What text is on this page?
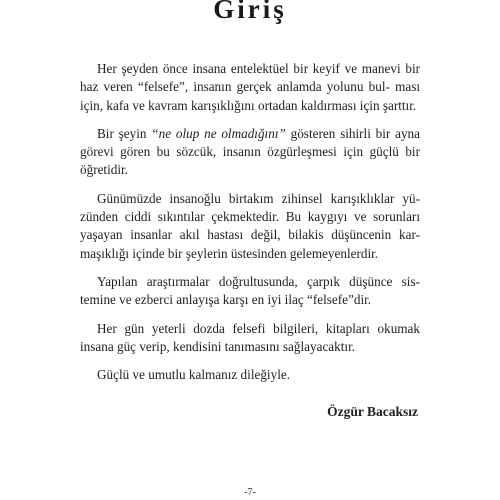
Giriş

Her şeyden önce insana entelektüel bir keyif ve manevi bir haz veren “felsefe”, insanın gerçek anlamda yolunu bul- ması için, kafa ve kavram karışıklığını ortadan kaldırması için şarttır.

Bir şeyin “ne olup ne olmadığını” gösteren sihirli bir ayna görevi gören bu sözcük, insanın özgürleşmesi için güçlü bir öğretidir.

Günümüzde insanoğlu birtakım zihinsel karışıklıklar yü- zünden ciddi sıkıntılar çekmektedir. Bu kaygıyı ve sorunları yaşayan insanlar akıl hastası değil, bilakis düşüncenin kar- maşıklığı içinde bir şeylerin üstesinden gelemeyenlerdir.

Yapılan araştırmalar doğrultusunda, çarpık düşünce sis- temine ve ezberci anlayışa karşı en iyi ilaç “felsefe”dir.

Her gün yeterli dozda felsefi bilgileri, kitapları okumak insana güç verip, kendisini tanımasını sağlayacaktır.

Güçlü ve umutlu kalmanız dileğiyle.

Özgür Bacaksız
-7-
